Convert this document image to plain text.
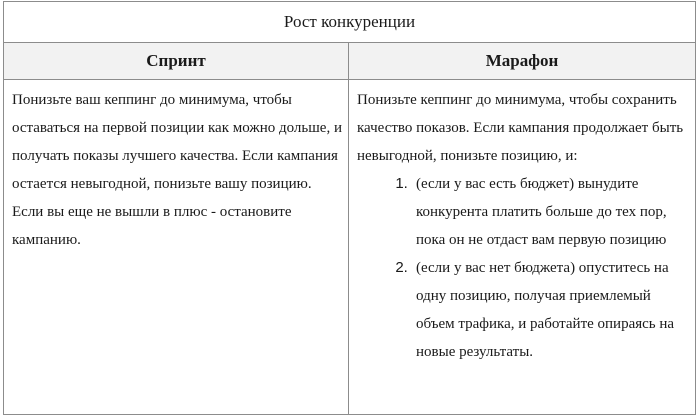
Рост конкуренции
Спринт	Марафон
Понизьте ваш кеппинг до минимума, чтобы оставаться на первой позиции как можно дольше, и получать показы лучшего качества. Если кампания остается невыгодной, понизьте вашу позицию. Если вы еще не вышли в плюс - остановите кампанию.
Понизьте кеппинг до минимума, чтобы сохранить качество показов. Если кампания продолжает быть невыгодной, понизьте позицию, и:
1. (если у вас есть бюджет) вынудите конкурента платить больше до тех пор, пока он не отдаст вам первую позицию
2. (если у вас нет бюджета) опуститесь на одну позицию, получая приемлемый объем трафика, и работайте опираясь на новые результаты.
